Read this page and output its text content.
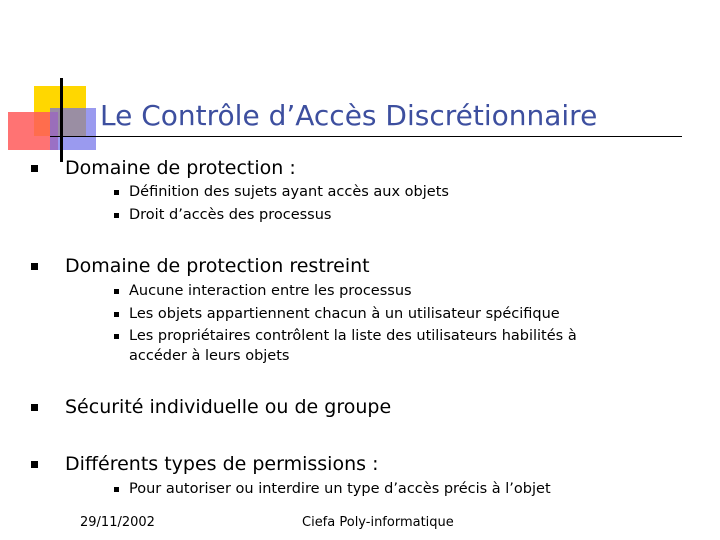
Le Contrôle d’Accès Discrétionnaire
Domaine de protection :
Définition des sujets ayant accès aux objets
Droit d’accès des processus
Domaine de protection restreint
Aucune interaction entre les processus
Les objets appartiennent chacun à un utilisateur spécifique
Les propriétaires contrôlent la liste des utilisateurs habilités à
accéder à leurs objets
Sécurité individuelle ou de groupe
Différents types de permissions :
Pour autoriser ou interdire un type d’accès précis à l’objet
29/11/2002	Ciefa Poly-informatique
